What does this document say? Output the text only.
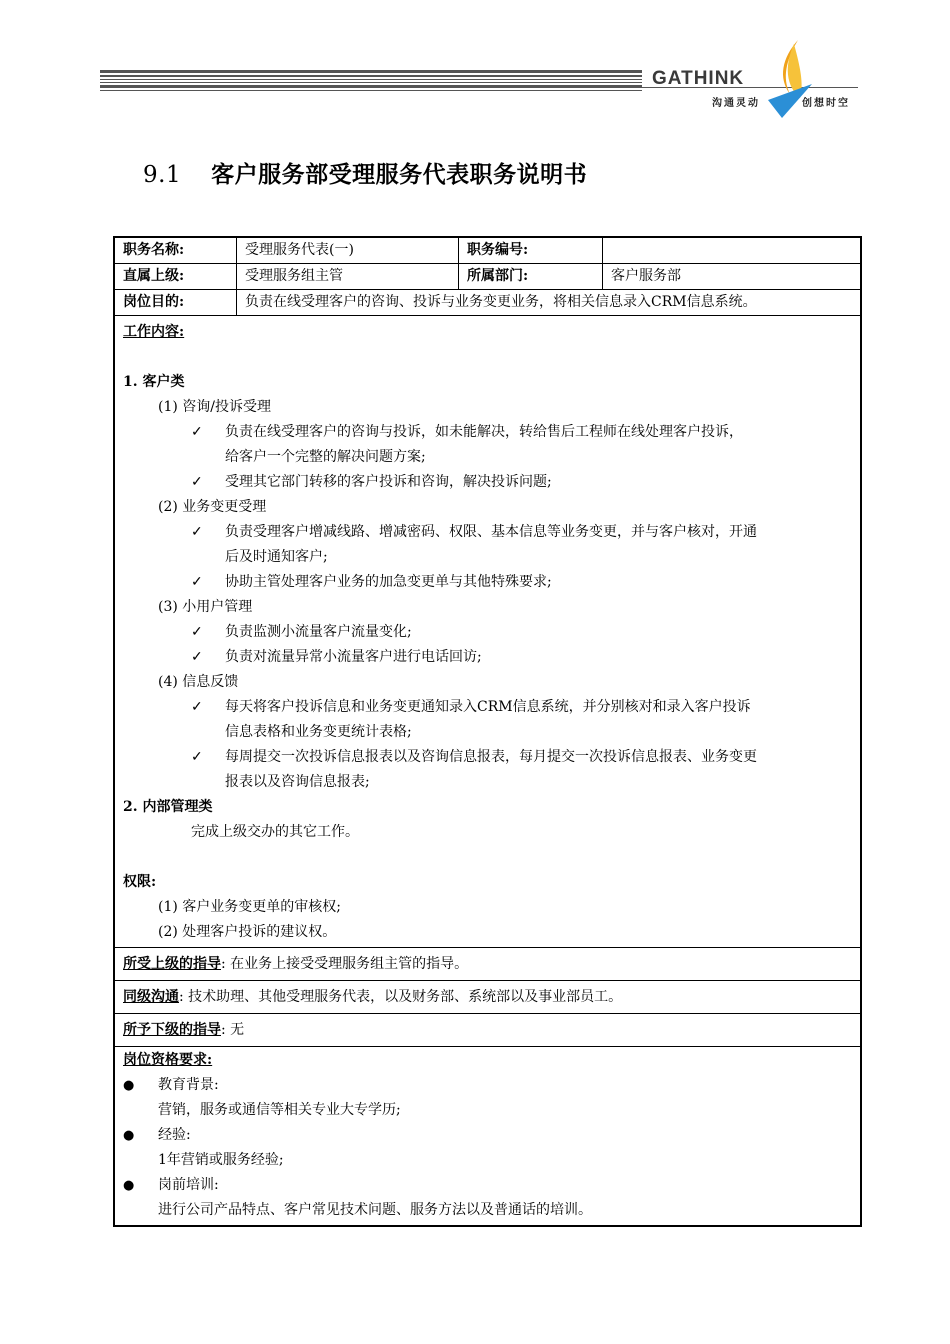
GATHINK
沟通灵动	创想时空
9.1 客户服务部受理服务代表职务说明书
职务名称:	受理服务代表(一)	职务编号:
直属上级:	受理服务组主管	所属部门:	客户服务部
岗位目的:	负责在线受理客户的咨询、投诉与业务变更业务，将相关信息录入CRM信息系统。
工作内容:
1. 客户类
(1) 咨询/投诉受理
✓	负责在线受理客户的咨询与投诉，如未能解决，转给售后工程师在线处理客户投诉，
给客户一个完整的解决问题方案;
✓	受理其它部门转移的客户投诉和咨询，解决投诉问题;
(2) 业务变更受理
✓	负责受理客户增减线路、增减密码、权限、基本信息等业务变更，并与客户核对，开通
后及时通知客户;
✓	协助主管处理客户业务的加急变更单与其他特殊要求;
(3) 小用户管理
✓	负责监测小流量客户流量变化;
✓	负责对流量异常小流量客户进行电话回访;
(4) 信息反馈
✓	每天将客户投诉信息和业务变更通知录入CRM信息系统，并分别核对和录入客户投诉
信息表格和业务变更统计表格;
✓	每周提交一次投诉信息报表以及咨询信息报表，每月提交一次投诉信息报表、业务变更
报表以及咨询信息报表;
2. 内部管理类
完成上级交办的其它工作。
权限:
(1) 客户业务变更单的审核权;
(2) 处理客户投诉的建议权。
所受上级的指导: 在业务上接受受理服务组主管的指导。
同级沟通: 技术助理、其他受理服务代表，以及财务部、系统部以及事业部员工。
所予下级的指导: 无
岗位资格要求:
●	教育背景:
营销，服务或通信等相关专业大专学历;
●	经验:
1年营销或服务经验;
●	岗前培训:
进行公司产品特点、客户常见技术问题、服务方法以及普通话的培训。
